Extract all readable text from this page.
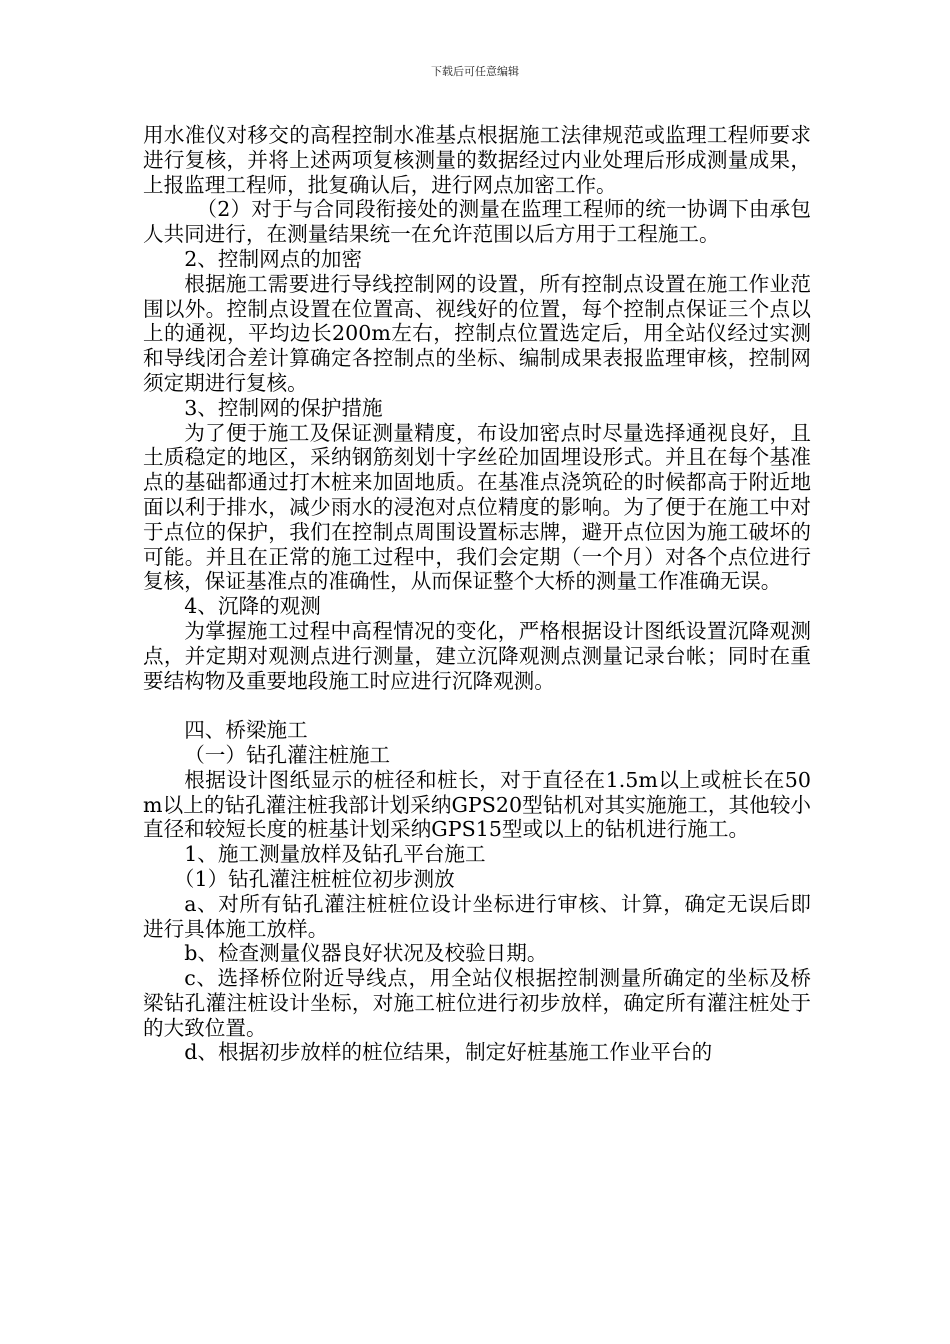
下载后可任意编辑

用水准仪对移交的高程控制水准基点根据施工法律规范或监理工程师要求进行复核，并将上述两项复核测量的数据经过内业处理后形成测量成果，上报监理工程师，批复确认后，进行网点加密工作。

（2）对于与合同段衔接处的测量在监理工程师的统一协调下由承包人共同进行，在测量结果统一在允许范围以后方用于工程施工。

2、控制网点的加密

根据施工需要进行导线控制网的设置，所有控制点设置在施工作业范围以外。控制点设置在位置高、视线好的位置，每个控制点保证三个点以上的通视，平均边长200m左右，控制点位置选定后，用全站仪经过实测和导线闭合差计算确定各控制点的坐标、编制成果表报监理审核，控制网须定期进行复核。

3、控制网的保护措施

为了便于施工及保证测量精度，布设加密点时尽量选择通视良好，且土质稳定的地区，采纳钢筋刻划十字丝砼加固埋设形式。并且在每个基准点的基础都通过打木桩来加固地质。在基准点浇筑砼的时候都高于附近地面以利于排水，减少雨水的浸泡对点位精度的影响。为了便于在施工中对于点位的保护，我们在控制点周围设置标志牌，避开点位因为施工破坏的可能。并且在正常的施工过程中，我们会定期（一个月）对各个点位进行复核，保证基准点的准确性，从而保证整个大桥的测量工作准确无误。

4、沉降的观测

为掌握施工过程中高程情况的变化，严格根据设计图纸设置沉降观测点，并定期对观测点进行测量，建立沉降观测点测量记录台帐；同时在重要结构物及重要地段施工时应进行沉降观测。

四、桥梁施工

（一）钻孔灌注桩施工

根据设计图纸显示的桩径和桩长，对于直径在1.5m以上或桩长在50m以上的钻孔灌注桩我部计划采纳GPS20型钻机对其实施施工，其他较小直径和较短长度的桩基计划采纳GPS15型或以上的钻机进行施工。

1、施工测量放样及钻孔平台施工

（1）钻孔灌注桩桩位初步测放

a、对所有钻孔灌注桩桩位设计坐标进行审核、计算，确定无误后即进行具体施工放样。

b、检查测量仪器良好状况及校验日期。

c、选择桥位附近导线点，用全站仪根据控制测量所确定的坐标及桥梁钻孔灌注桩设计坐标，对施工桩位进行初步放样，确定所有灌注桩处于的大致位置。

d、根据初步放样的桩位结果，制定好桩基施工作业平台的
